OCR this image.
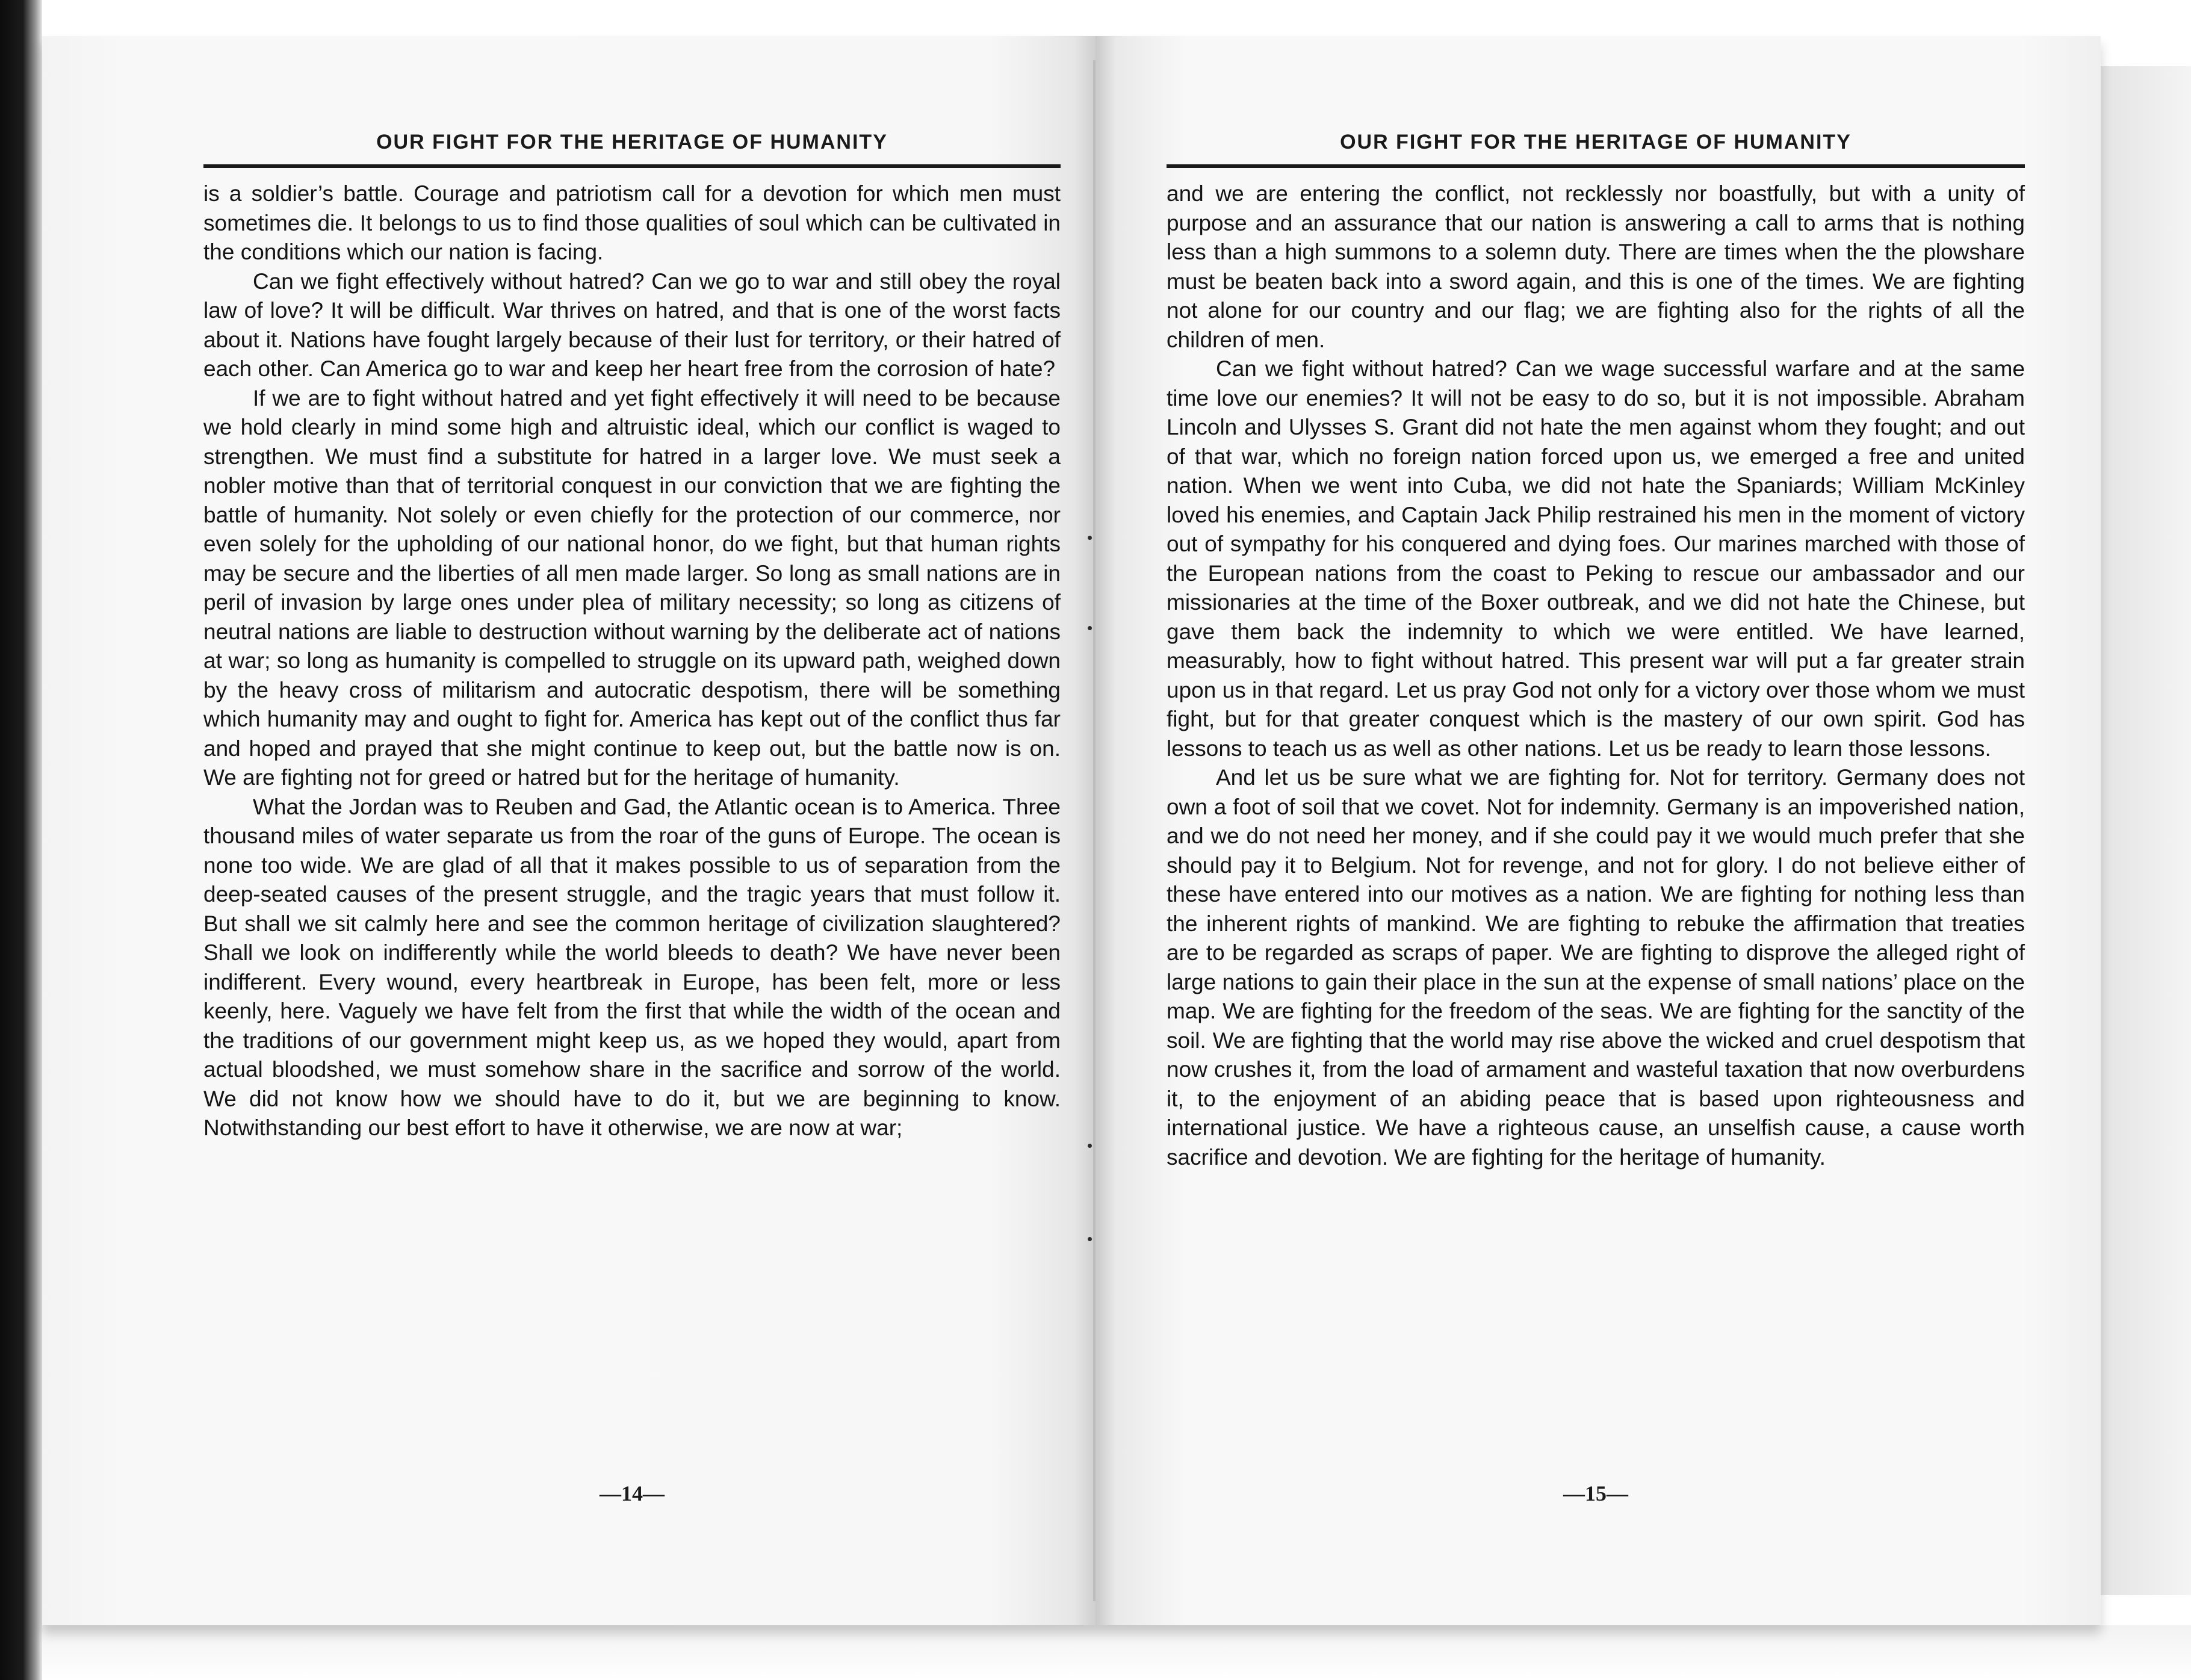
OUR FIGHT FOR THE HERITAGE OF HUMANITY

is a soldier’s battle. Courage and patriotism call for a devotion for which men must sometimes die. It belongs to us to find those qualities of soul which can be cultivated in the conditions which our nation is facing.

Can we fight effectively without hatred? Can we go to war and still obey the royal law of love? It will be difficult. War thrives on hatred, and that is one of the worst facts about it. Nations have fought largely because of their lust for territory, or their hatred of each other. Can America go to war and keep her heart free from the corrosion of hate?

If we are to fight without hatred and yet fight effectively it will need to be because we hold clearly in mind some high and altruistic ideal, which our conflict is waged to strengthen. We must find a substitute for hatred in a larger love. We must seek a nobler motive than that of territorial conquest in our conviction that we are fighting the battle of humanity. Not solely or even chiefly for the protection of our commerce, nor even solely for the upholding of our national honor, do we fight, but that human rights may be secure and the liberties of all men made larger. So long as small nations are in peril of invasion by large ones under plea of military necessity; so long as citizens of neutral nations are liable to destruction without warning by the deliberate act of nations at war; so long as humanity is compelled to struggle on its upward path, weighed down by the heavy cross of militarism and autocratic despotism, there will be something which humanity may and ought to fight for. America has kept out of the conflict thus far and hoped and prayed that she might continue to keep out, but the battle now is on. We are fighting not for greed or hatred but for the heritage of humanity.

What the Jordan was to Reuben and Gad, the Atlantic ocean is to America. Three thousand miles of water separate us from the roar of the guns of Europe. The ocean is none too wide. We are glad of all that it makes possible to us of separation from the deep-seated causes of the present struggle, and the tragic years that must follow it. But shall we sit calmly here and see the common heritage of civilization slaughtered? Shall we look on indifferently while the world bleeds to death? We have never been indifferent. Every wound, every heartbreak in Europe, has been felt, more or less keenly, here. Vaguely we have felt from the first that while the width of the ocean and the traditions of our government might keep us, as we hoped they would, apart from actual bloodshed, we must somehow share in the sacrifice and sorrow of the world. We did not know how we should have to do it, but we are beginning to know. Notwithstanding our best effort to have it otherwise, we are now at war;

—14—
OUR FIGHT FOR THE HERITAGE OF HUMANITY

and we are entering the conflict, not recklessly nor boastfully, but with a unity of purpose and an assurance that our nation is answering a call to arms that is nothing less than a high summons to a solemn duty. There are times when the the plowshare must be beaten back into a sword again, and this is one of the times. We are fighting not alone for our country and our flag; we are fighting also for the rights of all the children of men.

Can we fight without hatred? Can we wage successful warfare and at the same time love our enemies? It will not be easy to do so, but it is not impossible. Abraham Lincoln and Ulysses S. Grant did not hate the men against whom they fought; and out of that war, which no foreign nation forced upon us, we emerged a free and united nation. When we went into Cuba, we did not hate the Spaniards; William McKinley loved his enemies, and Captain Jack Philip restrained his men in the moment of victory out of sympathy for his conquered and dying foes. Our marines marched with those of the European nations from the coast to Peking to rescue our ambassador and our missionaries at the time of the Boxer outbreak, and we did not hate the Chinese, but gave them back the indemnity to which we were entitled. We have learned, measurably, how to fight without hatred. This present war will put a far greater strain upon us in that regard. Let us pray God not only for a victory over those whom we must fight, but for that greater conquest which is the mastery of our own spirit. God has lessons to teach us as well as other nations. Let us be ready to learn those lessons.

And let us be sure what we are fighting for. Not for territory. Germany does not own a foot of soil that we covet. Not for indemnity. Germany is an impoverished nation, and we do not need her money, and if she could pay it we would much prefer that she should pay it to Belgium. Not for revenge, and not for glory. I do not believe either of these have entered into our motives as a nation. We are fighting for nothing less than the inherent rights of mankind. We are fighting to rebuke the affirmation that treaties are to be regarded as scraps of paper. We are fighting to disprove the alleged right of large nations to gain their place in the sun at the expense of small nations’ place on the map. We are fighting for the freedom of the seas. We are fighting for the sanctity of the soil. We are fighting that the world may rise above the wicked and cruel despotism that now crushes it, from the load of armament and wasteful taxation that now overburdens it, to the enjoyment of an abiding peace that is based upon righteousness and international justice. We have a righteous cause, an unselfish cause, a cause worth sacrifice and devotion. We are fighting for the heritage of humanity.

—15—
